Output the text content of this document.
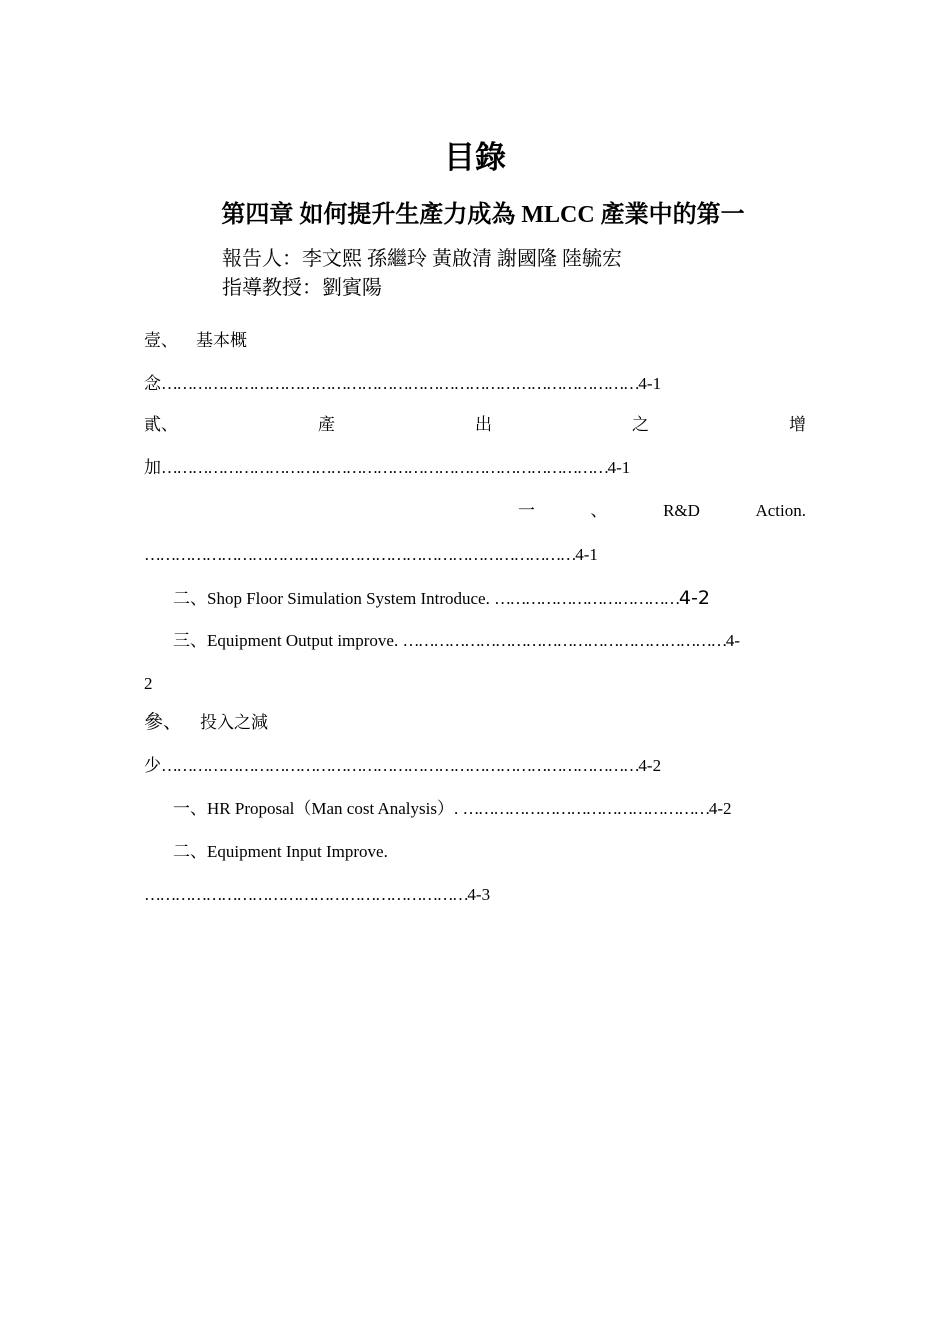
目錄
第四章 如何提升生產力成為 MLCC 產業中的第一
報告人：李文熙 孫繼玲 黃啟清 謝國隆 陸毓宏
指導教授：劉賓陽
壹、 基本概
念…………………………………………………………………………………4-1
貳、	產	出	之	增
加……………………………………………………………………………4-1
一	、	R&D	Action.
…………………………………………………………………………4-1
二、Shop Floor Simulation System Introduce. ………………………………4-2
三、Equipment Output improve. ………………………………………………………4-
2
參、 投入之減
少…………………………………………………………………………………4-2
一、HR Proposal（Man cost Analysis）. …………………………………………4-2
二、Equipment Input Improve.
………………………………………………………4-3
